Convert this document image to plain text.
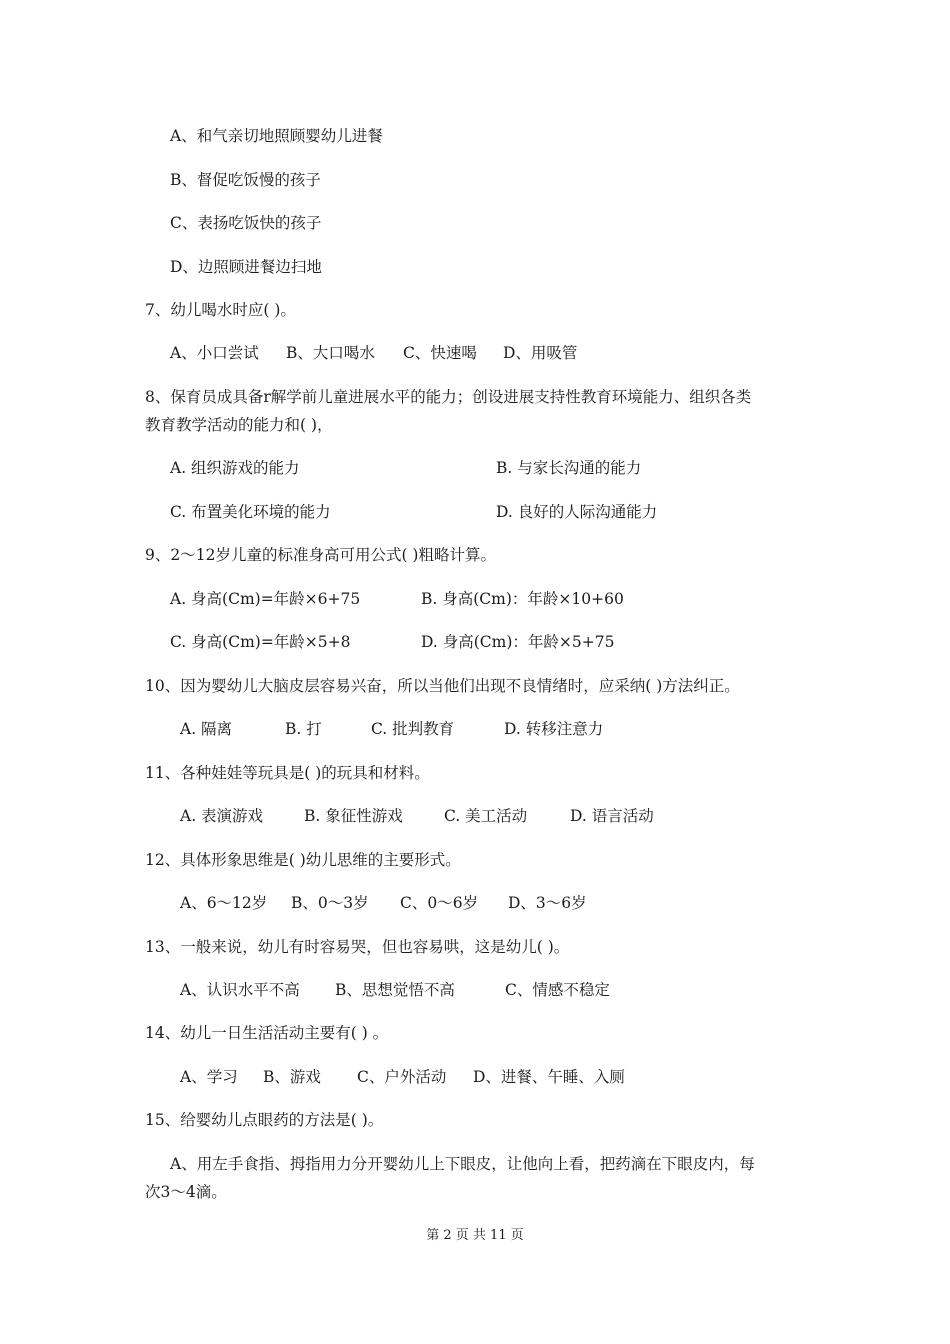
A、和气亲切地照顾婴幼儿进餐
B、督促吃饭慢的孩子
C、表扬吃饭快的孩子
D、边照顾进餐边扫地
7、幼儿喝水时应( )。
A、小口尝试 B、大口喝水 C、快速喝 D、用吸管
8、保育员成具备r解学前儿童进展水平的能力；创设进展支持性教育环境能力、组织各类
教育教学活动的能力和( )，
A. 组织游戏的能力	B. 与家长沟通的能力
C. 布置美化环境的能力	D. 良好的人际沟通能力
9、2～12岁儿童的标准身高可用公式( )粗略计算。
A. 身高(Cm)=年龄×6+75	B. 身高(Cm)：年龄×10+60
C. 身高(Cm)=年龄×5+8	D. 身高(Cm)：年龄×5+75
10、因为婴幼儿大脑皮层容易兴奋，所以当他们出现不良情绪时，应采纳( )方法纠正。
A. 隔离	B. 打	C. 批判教育	D. 转移注意力
11、各种娃娃等玩具是( )的玩具和材料。
A. 表演游戏	B. 象征性游戏	C. 美工活动	D. 语言活动
12、具体形象思维是( )幼儿思维的主要形式。
A、6～12岁 B、0～3岁 C、0～6岁 D、3～6岁
13、一般来说，幼儿有时容易哭，但也容易哄，这是幼儿( )。
A、认识水平不高 B、思想觉悟不高	C、情感不稳定
14、幼儿一日生活活动主要有( ) 。
A、学习 B、游戏 C、户外活动 D、进餐、午睡、入厕
15、给婴幼儿点眼药的方法是( )。
A、用左手食指、拇指用力分开婴幼儿上下眼皮，让他向上看，把药滴在下眼皮内，每
次3～4滴。
第 2 页 共 11 页
